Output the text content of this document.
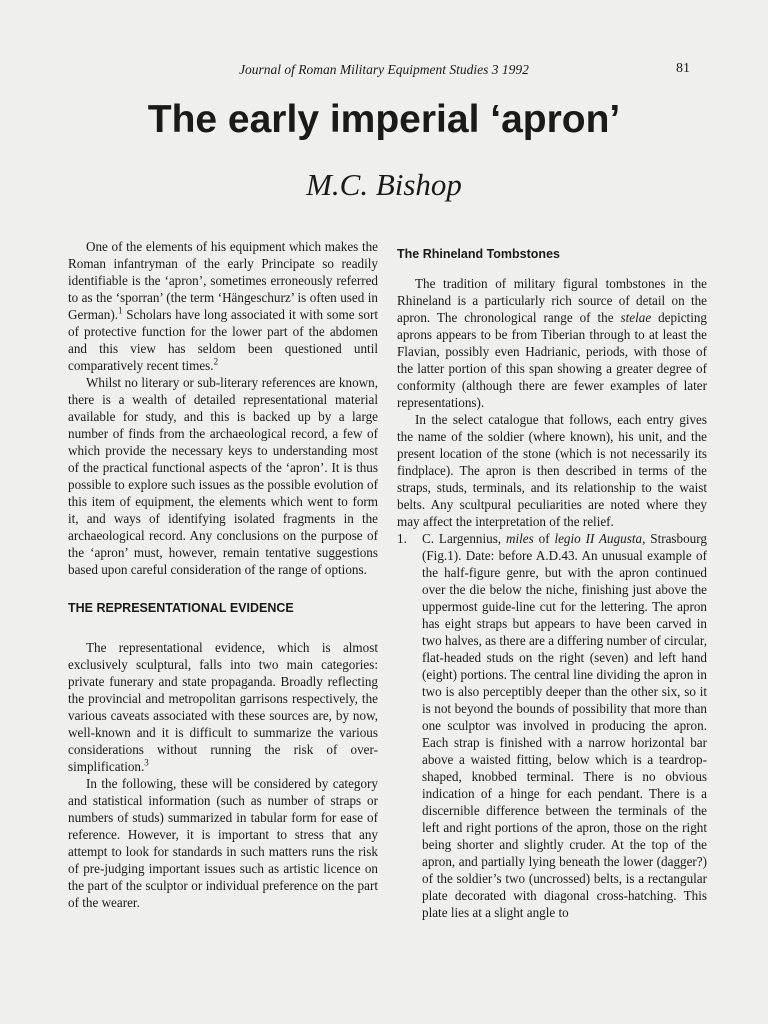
Journal of Roman Military Equipment Studies 3 1992	81
The early imperial ‘apron’
M.C. Bishop

One of the elements of his equipment which makes the Roman infantryman of the early Principate so readily identifiable is the ‘apron’, sometimes erroneously referred to as the ‘sporran’ (the term ‘Hängeschurz’ is often used in German).$^1$ Scholars have long associated it with some sort of protective function for the lower part of the abdomen and this view has seldom been questioned until comparatively recent times.$^2$

Whilst no literary or sub-literary references are known, there is a wealth of detailed representational material available for study, and this is backed up by a large number of finds from the archaeological record, a few of which provide the necessary keys to understanding most of the practical functional aspects of the ‘apron’. It is thus possible to explore such issues as the possible evolution of this item of equipment, the elements which went to form it, and ways of identifying isolated fragments in the archaeological record. Any conclusions on the purpose of the ‘apron’ must, however, remain tentative suggestions based upon careful consideration of the range of options.

THE REPRESENTATIONAL EVIDENCE

The representational evidence, which is almost exclusively sculptural, falls into two main categories: private funerary and state propaganda. Broadly reflecting the provincial and metropolitan garrisons respectively, the various caveats associated with these sources are, by now, well-known and it is difficult to summarize the various considerations without running the risk of over-simplification.$^3$

In the following, these will be considered by category and statistical information (such as number of straps or numbers of studs) summarized in tabular form for ease of reference. However, it is important to stress that any attempt to look for standards in such matters runs the risk of pre-judging important issues such as artistic licence on the part of the sculptor or individual preference on the part of the wearer.

The Rhineland Tombstones

The tradition of military figural tombstones in the Rhineland is a particularly rich source of detail on the apron. The chronological range of the stelae depicting aprons appears to be from Tiberian through to at least the Flavian, possibly even Hadrianic, periods, with those of the latter portion of this span showing a greater degree of conformity (although there are fewer examples of later representations).

In the select catalogue that follows, each entry gives the name of the soldier (where known), his unit, and the present location of the stone (which is not necessarily its findplace). The apron is then described in terms of the straps, studs, terminals, and its relationship to the waist belts. Any scultpural peculiarities are noted where they may affect the interpretation of the relief.

1.	C. Largennius, miles of legio II Augusta, Strasbourg (Fig.1). Date: before A.D.43. An unusual example of the half-figure genre, but with the apron continued over the die below the niche, finishing just above the uppermost guide-line cut for the lettering. The apron has eight straps but appears to have been carved in two halves, as there are a differing number of circular, flat-headed studs on the right (seven) and left hand (eight) portions. The central line dividing the apron in two is also perceptibly deeper than the other six, so it is not beyond the bounds of possibility that more than one sculptor was involved in producing the apron. Each strap is finished with a narrow horizontal bar above a waisted fitting, below which is a teardrop-shaped, knobbed terminal. There is no obvious indication of a hinge for each pendant. There is a discernible difference between the terminals of the left and right portions of the apron, those on the right being shorter and slightly cruder. At the top of the apron, and partially lying beneath the lower (dagger?) of the soldier’s two (uncrossed) belts, is a rectangular plate decorated with diagonal cross-hatching. This plate lies at a slight angle to
